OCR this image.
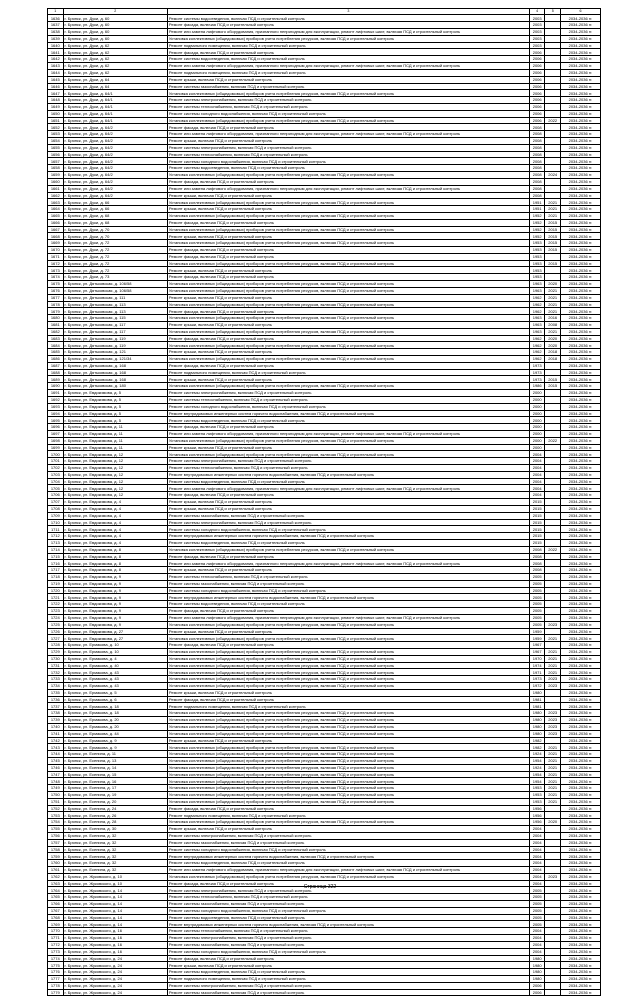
1	2	3	4	5	6
1636	г. Брянск, ул. Дуки, д. 60	Ремонт системы водоотведения, включая ПСД и строительный контроль	2003		2034-2036 гг.
1637	г. Брянск, ул. Дуки, д. 60	Ремонт фасада, включая ПСД и строительный контроль	2003		2034-2036 гг.
1638	г. Брянск, ул. Дуки, д. 60	Ремонт или замена лифтового оборудования, признанного непригодным для эксплуатации, ремонт лифтовых шахт, включая ПСД и строительный контроль	2003		2034-2036 гг.
1639	г. Брянск, ул. Дуки, д. 60	Установка коллективных (общедомовых) приборов учета потребления ресурсов, включая ПСД и строительный контроль	2003		2034-2036 гг.
1640	г. Брянск, ул. Дуки, д. 62	Ремонт подвального помещения, включая ПСД и строительный контроль	2003		2034-2036 гг.
1641	г. Брянск, ул. Дуки, д. 62	Ремонт фасада, включая ПСД и строительный контроль	2006		2034-2036 гг.
1642	г. Брянск, ул. Дуки, д. 62	Ремонт системы водоотведения, включая ПСД и строительный контроль	2006		2034-2036 гг.
1643	г. Брянск, ул. Дуки, д. 62	Ремонт или замена лифтового оборудования, признанного непригодным для эксплуатации, ремонт лифтовых шахт, включая ПСД и строительный контроль	2006		2034-2036 гг.
1644	г. Брянск, ул. Дуки, д. 62	Ремонт подвального помещения, включая ПСД и строительный контроль	2006		2034-2036 гг.
1645	г. Брянск, ул. Дуки, д. 64	Ремонт крыши, включая ПСД и строительный контроль	2006		2034-2036 гг.
1646	г. Брянск, ул. Дуки, д. 64	Ремонт системы газоснабжения, включая ПСД и строительный контроль	2006		2034-2036 гг.
1647	г. Брянск, ул. Дуки, д. 64/1	Установка коллективных (общедомовых) приборов учета потребления ресурсов, включая ПСД и строительный контроль	2006		2034-2036 гг.
1648	г. Брянск, ул. Дуки, д. 64/1	Ремонт системы электроснабжения, включая ПСД и строительный контроль	2006		2034-2036 гг.
1649	г. Брянск, ул. Дуки, д. 64/1	Ремонт системы теплоснабжения, включая ПСД и строительный контроль	2006		2034-2036 гг.
1650	г. Брянск, ул. Дуки, д. 64/1	Ремонт системы холодного водоснабжения, включая ПСД и строительный контроль	2006		2034-2036 гг.
1651	г. Брянск, ул. Дуки, д. 64/1	Установка коллективных (общедомовых) приборов учета потребления ресурсов, включая ПСД и строительный контроль	2006	2022	2034-2036 гг.
1652	г. Брянск, ул. Дуки, д. 64/2	Ремонт фасада, включая ПСД и строительный контроль	2008		2034-2036 гг.
1653	г. Брянск, ул. Дуки, д. 64/2	Ремонт или замена лифтового оборудования, признанного непригодным для эксплуатации, ремонт лифтовых шахт, включая ПСД и строительный контроль	2008		2034-2036 гг.
1654	г. Брянск, ул. Дуки, д. 64/2	Ремонт крыши, включая ПСД и строительный контроль	2008		2034-2036 гг.
1655	г. Брянск, ул. Дуки, д. 64/2	Ремонт системы электроснабжения, включая ПСД и строительный контроль	2008		2034-2036 гг.
1656	г. Брянск, ул. Дуки, д. 64/2	Ремонт системы теплоснабжения, включая ПСД и строительный контроль	2008		2034-2036 гг.
1657	г. Брянск, ул. Дуки, д. 64/2	Ремонт системы холодного водоснабжения, включая ПСД и строительный контроль	2008		2034-2036 гг.
1658	г. Брянск, ул. Дуки, д. 64/2	Ремонт системы водоотведения, включая ПСД и строительный контроль	2008		2034-2036 гг.
1659	г. Брянск, ул. Дуки, д. 64/2	Установка коллективных (общедомовых) приборов учета потребления ресурсов, включая ПСД и строительный контроль	2008	2024	2034-2036 гг.
1660	г. Брянск, ул. Дуки, д. 64/2	Ремонт фасада, включая ПСД и строительный контроль	2008		2034-2036 гг.
1661	г. Брянск, ул. Дуки, д. 64/2	Ремонт или замена лифтового оборудования, признанного непригодным для эксплуатации, ремонт лифтовых шахт, включая ПСД и строительный контроль	2008		2034-2036 гг.
1662	г. Брянск, ул. Дуки, д. 64/2	Ремонт крыши, включая ПСД и строительный контроль	2008		2034-2036 гг.
1663	г. Брянск, ул. Дуки, д. 66	Установка коллективных (общедомовых) приборов учета потребления ресурсов, включая ПСД и строительный контроль	1951	2021	2034-2036 гг.
1664	г. Брянск, ул. Дуки, д. 66	Ремонт крыши, включая ПСД и строительный контроль	1951	2021	2034-2036 гг.
1665	г. Брянск, ул. Дуки, д. 68	Установка коллективных (общедомовых) приборов учета потребления ресурсов, включая ПСД и строительный контроль	1952	2021	2034-2036 гг.
1666	г. Брянск, ул. Дуки, д. 68	Ремонт фасада, включая ПСД и строительный контроль	1952	2015	2034-2036 гг.
1667	г. Брянск, ул. Дуки, д. 70	Установка коллективных (общедомовых) приборов учета потребления ресурсов, включая ПСД и строительный контроль	1952	2015	2034-2036 гг.
1668	г. Брянск, ул. Дуки, д. 70	Ремонт крыши, включая ПСД и строительный контроль	1952	2015	2034-2036 гг.
1669	г. Брянск, ул. Дуки, д. 72	Установка коллективных (общедомовых) приборов учета потребления ресурсов, включая ПСД и строительный контроль	1953	2015	2034-2036 гг.
1670	г. Брянск, ул. Дуки, д. 72	Ремонт фасада, включая ПСД и строительный контроль	1953	2015	2034-2036 гг.
1671	г. Брянск, ул. Дуки, д. 72	Ремонт фасада, включая ПСД и строительный контроль	1953		2034-2036 гг.
1672	г. Брянск, ул. Дуки, д. 72	Установка коллективных (общедомовых) приборов учета потребления ресурсов, включая ПСД и строительный контроль	1953	2015	2034-2036 гг.
1673	г. Брянск, ул. Дуки, д. 72	Ремонт крыши, включая ПСД и строительный контроль	1953		2034-2036 гг.
1674	г. Брянск, ул. Дуки, д. 73	Ремонт фасада, включая ПСД и строительный контроль	1953		2034-2036 гг.
1675	г. Брянск, ул. Дятьковская, д. 106/58	Установка коллективных (общедомовых) приборов учета потребления ресурсов, включая ПСД и строительный контроль	1963	2020	2034-2036 гг.
1676	г. Брянск, ул. Дятьковская, д. 106/58	Установка коллективных (общедомовых) приборов учета потребления ресурсов, включая ПСД и строительный контроль	1963	2021	2034-2036 гг.
1677	г. Брянск, ул. Дятьковская, д. 111	Ремонт крыши, включая ПСД и строительный контроль	1962	2021	2034-2036 гг.
1678	г. Брянск, ул. Дятьковская, д. 113	Установка коллективных (общедомовых) приборов учета потребления ресурсов, включая ПСД и строительный контроль	1962	2021	2034-2036 гг.
1679	г. Брянск, ул. Дятьковская, д. 113	Ремонт фасада, включая ПСД и строительный контроль	1962	2021	2034-2036 гг.
1680	г. Брянск, ул. Дятьковская, д. 115	Установка коллективных (общедомовых) приборов учета потребления ресурсов, включая ПСД и строительный контроль	1963	2016	2034-2036 гг.
1681	г. Брянск, ул. Дятьковская, д. 117	Ремонт крыши, включая ПСД и строительный контроль	1963	2008	2034-2036 гг.
1682	г. Брянск, ул. Дятьковская, д. 117	Установка коллективных (общедомовых) приборов учета потребления ресурсов, включая ПСД и строительный контроль	1963	2021	2034-2036 гг.
1683	г. Брянск, ул. Дятьковская, д. 119	Ремонт фасада, включая ПСД и строительный контроль	1962	2020	2034-2036 гг.
1684	г. Брянск, ул. Дятьковская, д. 119	Установка коллективных (общедомовых) приборов учета потребления ресурсов, включая ПСД и строительный контроль	1962	2020	2034-2036 гг.
1685	г. Брянск, ул. Дятьковская, д. 121	Ремонт крыши, включая ПСД и строительный контроль	1962	2018	2034-2036 гг.
1686	г. Брянск, ул. Дятьковская, д. 121/34	Установка коллективных (общедомовых) приборов учета потребления ресурсов, включая ПСД и строительный контроль	1962	2018	2034-2036 гг.
1687	г. Брянск, ул. Дятьковская, д. 168	Ремонт фасада, включая ПСД и строительный контроль	1973		2034-2036 гг.
1688	г. Брянск, ул. Дятьковская, д. 168	Ремонт подвального помещения, включая ПСД и строительный контроль	1973		2034-2036 гг.
1689	г. Брянск, ул. Дятьковская, д. 168	Ремонт крыши, включая ПСД и строительный контроль	1973	2015	2034-2036 гг.
1690	г. Брянск, ул. Дятьковская, д. 180	Установка коллективных (общедомовых) приборов учета потребления ресурсов, включая ПСД и строительный контроль	1986	2015	2034-2036 гг.
1691	г. Брянск, ул. Евдокимова, д. 5	Ремонт системы электроснабжения, включая ПСД и строительный контроль	2000		2034-2036 гг.
1692	г. Брянск, ул. Евдокимова, д. 5	Ремонт системы теплоснабжения, включая ПСД и строительный контроль	2000		2034-2036 гг.
1693	г. Брянск, ул. Евдокимова, д. 5	Ремонт системы холодного водоснабжения, включая ПСД и строительный контроль	2000		2034-2036 гг.
1694	г. Брянск, ул. Евдокимова, д. 5	Ремонт внутридомовых инженерных систем горячего водоснабжения, включая ПСД и строительный контроль	2000		2034-2036 гг.
1695	г. Брянск, ул. Евдокимова, д. 5	Ремонт системы водоотведения, включая ПСД и строительный контроль	2000		2034-2036 гг.
1696	г. Брянск, ул. Евдокимова, д. 11	Ремонт фасада, включая ПСД и строительный контроль	2000		2034-2036 гг.
1697	г. Брянск, ул. Евдокимова, д. 11	Ремонт или замена лифтового оборудования, признанного непригодным для эксплуатации, ремонт лифтовых шахт, включая ПСД и строительный контроль	2000		2034-2036 гг.
1698	г. Брянск, ул. Евдокимова, д. 11	Установка коллективных (общедомовых) приборов учета потребления ресурсов, включая ПСД и строительный контроль	2000	2022	2034-2036 гг.
1699	г. Брянск, ул. Евдокимова, д. 11	Ремонт крыши, включая ПСД и строительный контроль	2000		2034-2036 гг.
1700	г. Брянск, ул. Евдокимова, д. 12	Установка коллективных (общедомовых) приборов учета потребления ресурсов, включая ПСД и строительный контроль	2004		2034-2036 гг.
1701	г. Брянск, ул. Евдокимова, д. 12	Ремонт системы электроснабжения, включая ПСД и строительный контроль	2004		2034-2036 гг.
1702	г. Брянск, ул. Евдокимова, д. 12	Ремонт системы теплоснабжения, включая ПСД и строительный контроль	2004		2034-2036 гг.
1703	г. Брянск, ул. Евдокимова, д. 12	Ремонт внутридомовых инженерных систем горячего водоснабжения, включая ПСД и строительный контроль	2004		2034-2036 гг.
1704	г. Брянск, ул. Евдокимова, д. 12	Ремонт системы водоотведения, включая ПСД и строительный контроль	2004		2034-2036 гг.
1705	г. Брянск, ул. Евдокимова, д. 12	Ремонт или замена лифтового оборудования, признанного непригодным для эксплуатации, ремонт лифтовых шахт, включая ПСД и строительный контроль	2004		2034-2036 гг.
1706	г. Брянск, ул. Евдокимова, д. 12	Ремонт фасада, включая ПСД и строительный контроль	2004		2034-2036 гг.
1707	г. Брянск, ул. Евдокимова, д. 4	Ремонт крыши, включая ПСД и строительный контроль	2015		2034-2036 гг.
1708	г. Брянск, ул. Евдокимова, д. 4	Ремонт крыши, включая ПСД и строительный контроль	2015		2034-2036 гг.
1709	г. Брянск, ул. Евдокимова, д. 4	Ремонт системы газоснабжения, включая ПСД и строительный контроль	2015		2034-2036 гг.
1710	г. Брянск, ул. Евдокимова, д. 4	Ремонт системы электроснабжения, включая ПСД и строительный контроль	2015		2034-2036 гг.
1711	г. Брянск, ул. Евдокимова, д. 4	Ремонт системы холодного водоснабжения, включая ПСД и строительный контроль	2015		2034-2036 гг.
1712	г. Брянск, ул. Евдокимова, д. 4	Ремонт внутридомовых инженерных систем горячего водоснабжения, включая ПСД и строительный контроль	2015		2034-2036 гг.
1713	г. Брянск, ул. Евдокимова, д. 4	Ремонт системы водоотведения, включая ПСД и строительный контроль	2015		2034-2036 гг.
1714	г. Брянск, ул. Евдокимова, д. 8	Установка коллективных (общедомовых) приборов учета потребления ресурсов, включая ПСД и строительный контроль	2008	2022	2034-2036 гг.
1715	г. Брянск, ул. Евдокимова, д. 8	Ремонт фасада, включая ПСД и строительный контроль	2008		2034-2036 гг.
1716	г. Брянск, ул. Евдокимова, д. 8	Ремонт или замена лифтового оборудования, признанного непригодным для эксплуатации, ремонт лифтовых шахт, включая ПСД и строительный контроль	2008		2034-2036 гг.
1717	г. Брянск, ул. Евдокимова, д. 8	Ремонт крыши, включая ПСД и строительный контроль	2008		2034-2036 гг.
1718	г. Брянск, ул. Евдокимова, д. 9	Ремонт системы теплоснабжения, включая ПСД и строительный контроль	2005		2034-2036 гг.
1719	г. Брянск, ул. Евдокимова, д. 9	Ремонт системы газоснабжения, включая ПСД и строительный контроль	2005		2034-2036 гг.
1720	г. Брянск, ул. Евдокимова, д. 9	Ремонт системы холодного водоснабжения, включая ПСД и строительный контроль	2005		2034-2036 гг.
1721	г. Брянск, ул. Евдокимова, д. 9	Ремонт внутридомовых инженерных систем горячего водоснабжения, включая ПСД и строительный контроль	2005		2034-2036 гг.
1722	г. Брянск, ул. Евдокимова, д. 9	Ремонт системы водоотведения, включая ПСД и строительный контроль	2005		2034-2036 гг.
1723	г. Брянск, ул. Евдокимова, д. 9	Ремонт фасада, включая ПСД и строительный контроль	2005		2034-2036 гг.
1724	г. Брянск, ул. Евдокимова, д. 9	Ремонт или замена лифтового оборудования, признанного непригодным для эксплуатации, ремонт лифтовых шахт, включая ПСД и строительный контроль	2005		2034-2036 гг.
1725	г. Брянск, ул. Евдокимова, д. 9	Установка коллективных (общедомовых) приборов учета потребления ресурсов, включая ПСД и строительный контроль	2005	2023	2034-2036 гг.
1726	г. Брянск, ул. Евдокимова, д. 27	Ремонт крыши, включая ПСД и строительный контроль	1959		2034-2036 гг.
1727	г. Брянск, ул. Евдокимова, д. 27	Установка коллективных (общедомовых) приборов учета потребления ресурсов, включая ПСД и строительный контроль	1959	2021	2034-2036 гг.
1728	г. Брянск, ул. Ермакова, д. 10	Ремонт фасада, включая ПСД и строительный контроль	1967		2034-2036 гг.
1729	г. Брянск, ул. Ермакова, д. 10	Установка коллективных (общедомовых) приборов учета потребления ресурсов, включая ПСД и строительный контроль	1967	2021	2034-2036 гг.
1730	г. Брянск, ул. Ермакова, д. 4	Установка коллективных (общедомовых) приборов учета потребления ресурсов, включая ПСД и строительный контроль	1970	2021	2034-2036 гг.
1731	г. Брянск, ул. Ермакова, д. 40	Установка коллективных (общедомовых) приборов учета потребления ресурсов, включая ПСД и строительный контроль	1974	2021	2034-2036 гг.
1732	г. Брянск, ул. Ермакова, д. 43	Установка коллективных (общедомовых) приборов учета потребления ресурсов, включая ПСД и строительный контроль	1971	2021	2034-2036 гг.
1733	г. Брянск, ул. Ермакова, д. 43	Установка коллективных (общедомовых) приборов учета потребления ресурсов, включая ПСД и строительный контроль	1973	2023	2034-2036 гг.
1734	г. Брянск, ул. Ермакова, д. 43	Установка коллективных (общедомовых) приборов учета потребления ресурсов, включая ПСД и строительный контроль	1972	2023	2034-2036 гг.
1735	г. Брянск, ул. Ермакова, д. 5	Ремонт крыши, включая ПСД и строительный контроль	1980		2034-2036 гг.
1736	г. Брянск, ул. Ермакова, д. 6	Ремонт фасада, включая ПСД и строительный контроль	1981		2034-2036 гг.
1737	г. Брянск, ул. Ермакова, д. 18	Ремонт подвального помещения, включая ПСД и строительный контроль	1981		2034-2036 гг.
1738	г. Брянск, ул. Ермакова, д. 18	Установка коллективных (общедомовых) приборов учета потребления ресурсов, включая ПСД и строительный контроль	1980	2023	2034-2036 гг.
1739	г. Брянск, ул. Ермакова, д. 20	Установка коллективных (общедомовых) приборов учета потребления ресурсов, включая ПСД и строительный контроль	1980	2023	2034-2036 гг.
1740	г. Брянск, ул. Ермакова, д. 20	Установка коллективных (общедомовых) приборов учета потребления ресурсов, включая ПСД и строительный контроль	1980	2023	2034-2036 гг.
1741	г. Брянск, ул. Ермакова, д. 44	Установка коллективных (общедомовых) приборов учета потребления ресурсов, включая ПСД и строительный контроль	1980	2023	2034-2036 гг.
1742	г. Брянск, ул. Ермакова, д. 9	Ремонт крыши, включая ПСД и строительный контроль	1982		2034-2036 гг.
1743	г. Брянск, ул. Ермакова, д. 9	Установка коллективных (общедомовых) приборов учета потребления ресурсов, включая ПСД и строительный контроль	1982	2021	2034-2036 гг.
1744	г. Брянск, ул. Есенина, д. 11	Установка коллективных (общедомовых) приборов учета потребления ресурсов, включая ПСД и строительный контроль	1924	2021	2034-2036 гг.
1745	г. Брянск, ул. Есенина, д. 13	Установка коллективных (общедомовых) приборов учета потребления ресурсов, включая ПСД и строительный контроль	1954	2021	2034-2036 гг.
1746	г. Брянск, ул. Есенина, д. 14	Установка коллективных (общедомовых) приборов учета потребления ресурсов, включая ПСД и строительный контроль	1924	2021	2034-2036 гг.
1747	г. Брянск, ул. Есенина, д. 15	Установка коллективных (общедомовых) приборов учета потребления ресурсов, включая ПСД и строительный контроль	1954	2021	2034-2036 гг.
1748	г. Брянск, ул. Есенина, д. 16	Установка коллективных (общедомовых) приборов учета потребления ресурсов, включая ПСД и строительный контроль	1954	2021	2034-2036 гг.
1749	г. Брянск, ул. Есенина, д. 17	Установка коллективных (общедомовых) приборов учета потребления ресурсов, включая ПСД и строительный контроль	1953	2021	2034-2036 гг.
1750	г. Брянск, ул. Есенина, д. 19	Установка коллективных (общедомовых) приборов учета потребления ресурсов, включая ПСД и строительный контроль	1953	2021	2034-2036 гг.
1751	г. Брянск, ул. Есенина, д. 20	Установка коллективных (общедомовых) приборов учета потребления ресурсов, включая ПСД и строительный контроль	1953	2021	2034-2036 гг.
1752	г. Брянск, ул. Есенина, д. 24	Ремонт фасада, включая ПСД и строительный контроль	1956		2034-2036 гг.
1753	г. Брянск, ул. Есенина, д. 26	Ремонт подвального помещения, включая ПСД и строительный контроль	1956		2034-2036 гг.
1754	г. Брянск, ул. Есенина, д. 28	Установка коллективных (общедомовых) приборов учета потребления ресурсов, включая ПСД и строительный контроль	1956	2020	2034-2036 гг.
1755	г. Брянск, ул. Есенина, д. 30	Ремонт крыши, включая ПСД и строительный контроль	2004		2034-2036 гг.
1756	г. Брянск, ул. Есенина, д. 32	Ремонт системы электроснабжения, включая ПСД и строительный контроль	2004		2034-2036 гг.
1757	г. Брянск, ул. Есенина, д. 32	Ремонт системы газоснабжения, включая ПСД и строительный контроль	2004		2034-2036 гг.
1758	г. Брянск, ул. Есенина, д. 32	Ремонт системы холодного водоснабжения, включая ПСД и строительный контроль	2004		2034-2036 гг.
1759	г. Брянск, ул. Есенина, д. 32	Ремонт внутридомовых инженерных систем горячего водоснабжения, включая ПСД и строительный контроль	2004		2034-2036 гг.
1760	г. Брянск, ул. Есенина, д. 32	Ремонт системы водоотведения, включая ПСД и строительный контроль	2004		2034-2036 гг.
1761	г. Брянск, ул. Есенина, д. 32	Ремонт или замена лифтового оборудования, признанного непригодным для эксплуатации, ремонт лифтовых шахт, включая ПСД и строительный контроль	2004		2034-2036 гг.
1762	г. Брянск, ул. Жуковского, д. 10	Установка коллективных (общедомовых) приборов учета потребления ресурсов, включая ПСД и строительный контроль	2004	2023	2034-2036 гг.
1763	г. Брянск, ул. Жуковского, д. 10	Ремонт фасада, включая ПСД и строительный контроль	2004		2034-2036 гг.
1764	г. Брянск, ул. Жуковского, д. 14	Ремонт системы электроснабжения, включая ПСД и строительный контроль	2005		2034-2036 гг.
1765	г. Брянск, ул. Жуковского, д. 14	Ремонт системы теплоснабжения, включая ПСД и строительный контроль	2005		2034-2036 гг.
1766	г. Брянск, ул. Жуковского, д. 14	Ремонт системы газоснабжения, включая ПСД и строительный контроль	2005		2034-2036 гг.
1767	г. Брянск, ул. Жуковского, д. 14	Ремонт системы холодного водоснабжения, включая ПСД и строительный контроль	2005		2034-2036 гг.
1768	г. Брянск, ул. Жуковского, д. 14	Ремонт системы водоотведения, включая ПСД и строительный контроль	2005		2034-2036 гг.
1769	г. Брянск, ул. Жуковского, д. 14	Ремонт внутридомовых инженерных систем горячего водоснабжения, включая ПСД и строительный контроль	2005		2034-2036 гг.
1770	г. Брянск, ул. Жуковского, д. 16	Ремонт системы теплоснабжения, включая ПСД и строительный контроль	2004		2034-2036 гг.
1771	г. Брянск, ул. Жуковского, д. 16	Ремонт системы электроснабжения, включая ПСД и строительный контроль	2004		2034-2036 гг.
1772	г. Брянск, ул. Жуковского, д. 16	Ремонт системы газоснабжения, включая ПСД и строительный контроль	2004		2034-2036 гг.
1773	г. Брянск, ул. Жуковского, д. 16	Ремонт системы холодного водоснабжения, включая ПСД и строительный контроль	2004		2034-2036 гг.
1774	г. Брянск, ул. Жуковского, д. 24	Ремонт фасада, включая ПСД и строительный контроль	1980		2034-2036 гг.
1775	г. Брянск, ул. Жуковского, д. 24	Ремонт крыши, включая ПСД и строительный контроль	1980		2034-2036 гг.
1776	г. Брянск, ул. Жуковского, д. 24	Ремонт системы водоотведения, включая ПСД и строительный контроль	1980		2034-2036 гг.
1777	г. Брянск, ул. Жуковского, д. 24	Ремонт подвального помещения, включая ПСД и строительный контроль	1980		2034-2036 гг.
1778	г. Брянск, ул. Жуковского, д. 24	Ремонт системы электроснабжения, включая ПСД и строительный контроль	2006		2034-2036 гг.
1779	г. Брянск, ул. Жуковского, д. 24	Ремонт системы газоснабжения, включая ПСД и строительный контроль	2006		2034-2036 гг.
Страница 322
